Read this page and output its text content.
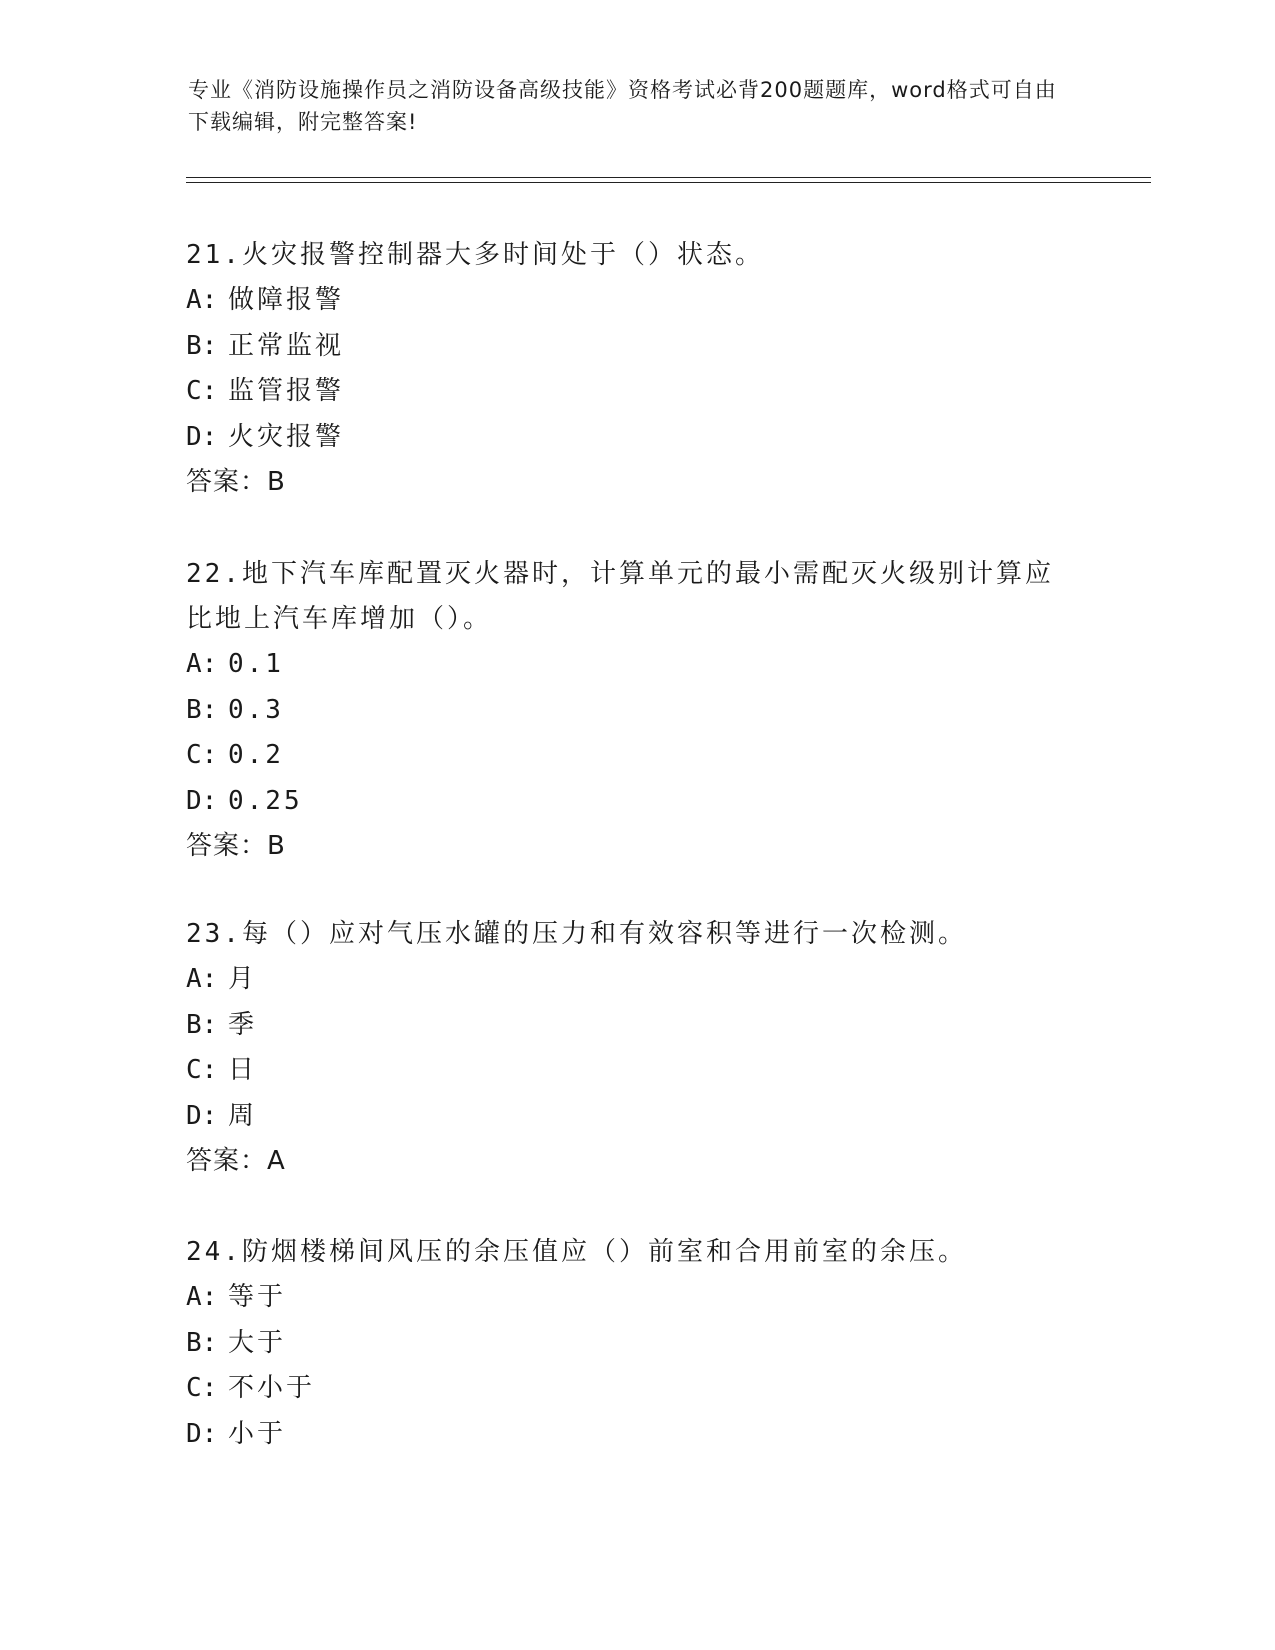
专业《消防设施操作员之消防设备高级技能》资格考试必背200题题库，word格式可自由下载编辑，附完整答案!

21.火灾报警控制器大多时间处于（）状态。

A: 做障报警
B: 正常监视
C: 监管报警
D: 火灾报警
答案：B

22.地下汽车库配置灭火器时，计算单元的最小需配灭火级别计算应比地上汽车库增加（）。

A: 0.1
B: 0.3
C: 0.2
D: 0.25
答案：B

23.每（）应对气压水罐的压力和有效容积等进行一次检测。

A: 月
B: 季
C: 日
D: 周
答案：A

24.防烟楼梯间风压的余压值应（）前室和合用前室的余压。

A: 等于
B: 大于
C: 不小于
D: 小于
